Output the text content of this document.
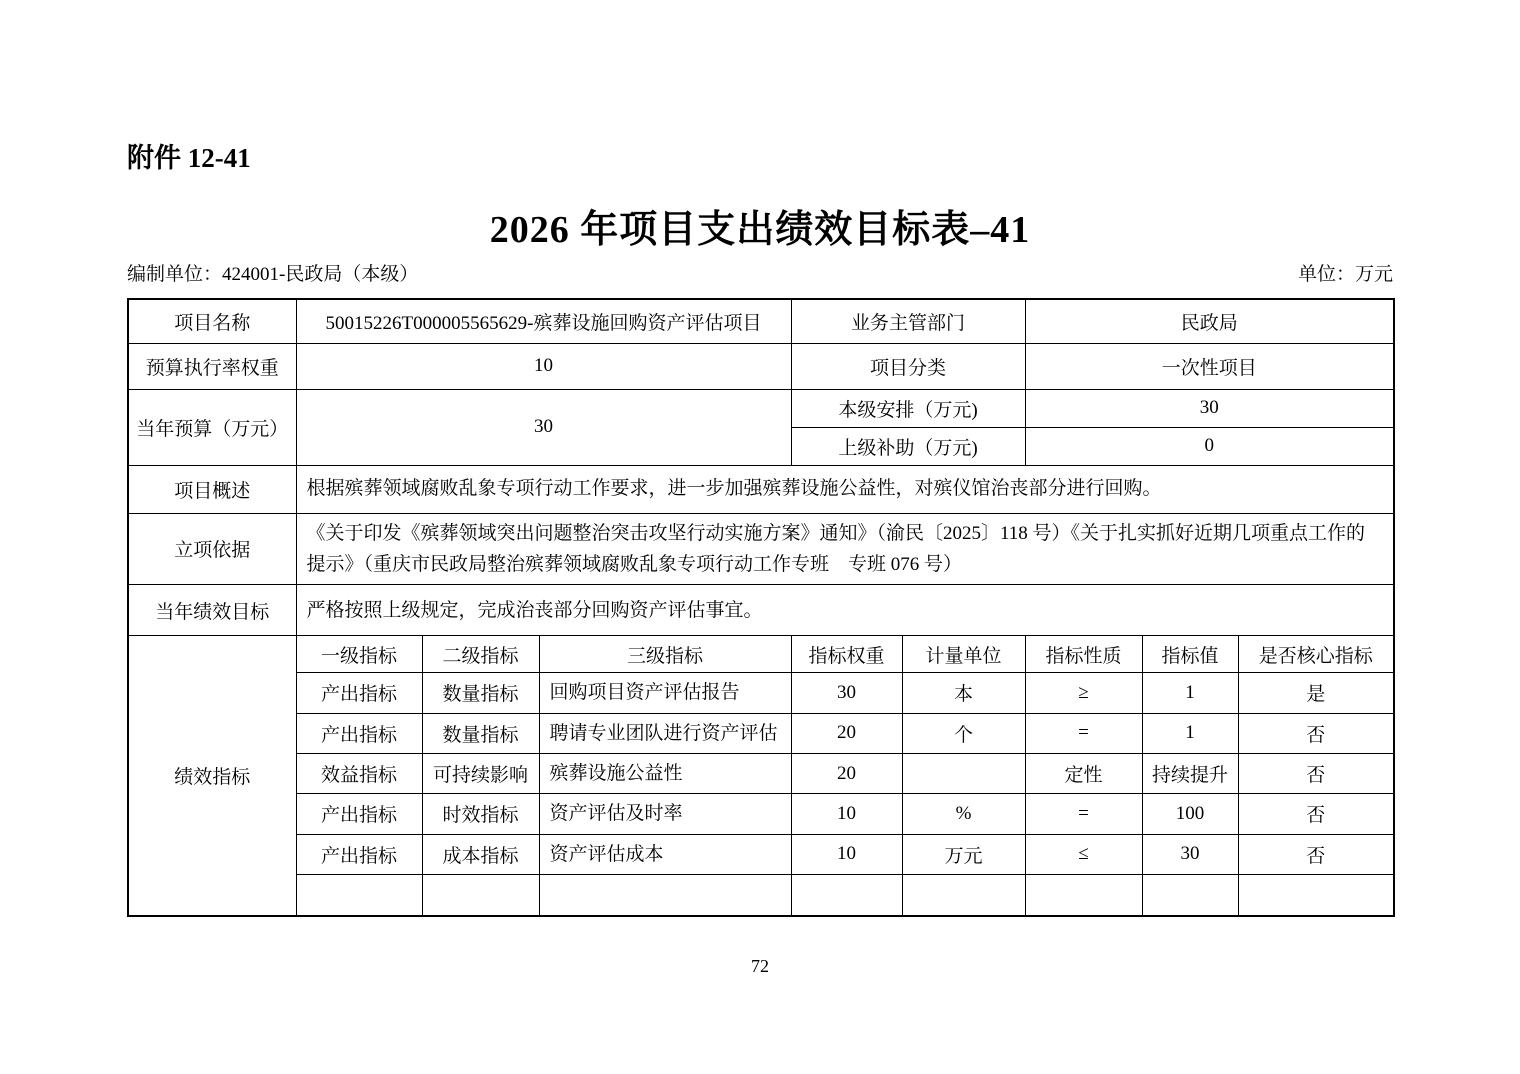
附件 12-41
2026 年项目支出绩效目标表–41
编制单位：424001-民政局（本级）	单位：万元
项目名称	50015226T000005565629-殡葬设施回购资产评估项目			业务主管部门		民政局		
预算执行率权重	10			项目分类		一次性项目		
当年预算（万元）	30			本级安排（万元)		30		
				上级补助（万元)		0		
项目概述	根据殡葬领域腐败乱象专项行动工作要求，进一步加强殡葬设施公益性，对殡仪馆治丧部分进行回购。							
立项依据	《关于印发《殡葬领域突出问题整治突击攻坚行动实施方案》通知》（渝民〔2025〕118 号）《关于扎实抓好近期几项重点工作的提示》（重庆市民政局整治殡葬领域腐败乱象专项行动工作专班　专班 076 号）							
当年绩效目标	严格按照上级规定，完成治丧部分回购资产评估事宜。							
绩效指标	一级指标	二级指标	三级指标	指标权重	计量单位	指标性质	指标值	是否核心指标
	产出指标	数量指标	回购项目资产评估报告	30	本	≥	1	是
	产出指标	数量指标	聘请专业团队进行资产评估	20	个	=	1	否
	效益指标	可持续影响	殡葬设施公益性	20		定性	持续提升	否
	产出指标	时效指标	资产评估及时率	10	%	=	100	否
	产出指标	成本指标	资产评估成本	10	万元	≤	30	否

72
